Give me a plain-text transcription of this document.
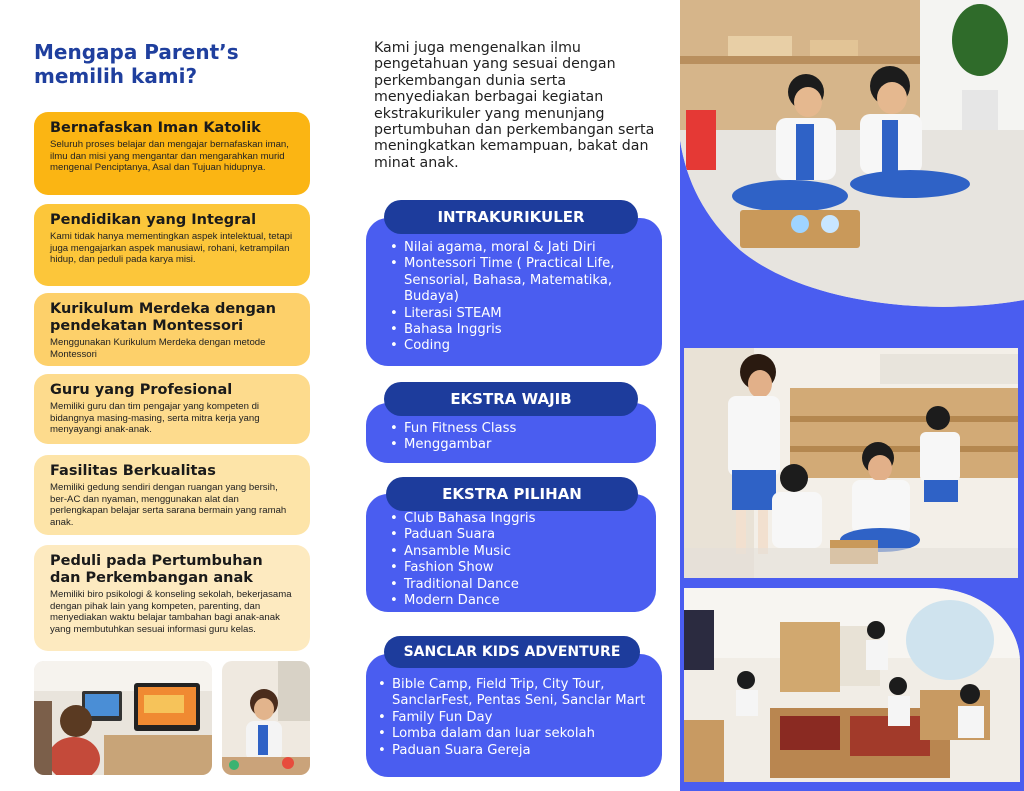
Mengapa Parent’s
memilih kami?
Bernafaskan Iman Katolik
Seluruh proses belajar dan mengajar bernafaskan iman, ilmu dan misi yang mengantar dan mengarahkan murid mengenal Penciptanya, Asal dan Tujuan hidupnya.
Pendidikan yang Integral
Kami tidak hanya mementingkan aspek intelektual, tetapi juga mengajarkan aspek manusiawi, rohani, ketrampilan hidup, dan peduli pada karya misi.
Kurikulum Merdeka dengan
pendekatan Montessori
Menggunakan Kurikulum Merdeka dengan metode Montessori
Guru yang Profesional
Memiliki guru dan tim pengajar yang kompeten di bidangnya masing-masing, serta mitra kerja yang menyayangi anak-anak.
Fasilitas Berkualitas
Memiliki gedung sendiri dengan ruangan yang bersih, ber-AC dan nyaman, menggunakan alat dan perlengkapan belajar serta sarana bermain yang ramah anak.
Peduli pada Pertumbuhan
dan Perkembangan anak
Memiliki biro psikologi & konseling sekolah, bekerjasama dengan pihak lain yang kompeten, parenting, dan menyediakan waktu belajar tambahan bagi anak-anak yang membutuhkan sesuai informasi guru kelas.
Kami juga mengenalkan ilmu pengetahuan yang sesuai dengan perkembangan dunia serta menyediakan berbagai kegiatan ekstrakurikuler yang menunjang pertumbuhan dan perkembangan serta meningkatkan kemampuan, bakat dan minat anak.
• Nilai agama, moral & Jati Diri
• Montessori Time ( Practical Life, Sensorial, Bahasa, Matematika, Budaya)
• Literasi STEAM
• Bahasa Inggris
• Coding
INTRAKURIKULER
• Fun Fitness Class
• Menggambar
EKSTRA WAJIB
• Club Bahasa Inggris
• Paduan Suara
• Ansamble Music
• Fashion Show
• Traditional Dance
• Modern Dance
EKSTRA PILIHAN
• Bible Camp, Field Trip, City Tour, SanclarFest, Pentas Seni, Sanclar Mart
• Family Fun Day
• Lomba dalam dan luar sekolah
• Paduan Suara Gereja
SANCLAR KIDS ADVENTURE
